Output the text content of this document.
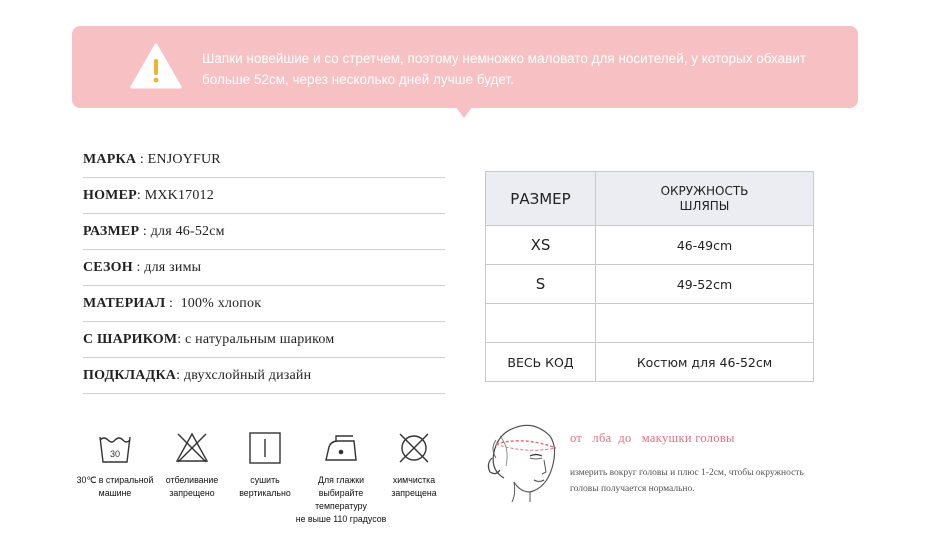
Шапки новейшие и со стретчем, поэтому немножко маловато для носителей, у которых обхавит больше 52см, через несколько дней лучше будет.

МАРКА : ENJOYFUR
НОМЕР : MXK17012
РАЗМЕР : для 46-52см
СЕЗОН : для зимы
МАТЕРИАЛ : 100% хлопок
С ШАРИКОМ : с натуральным шариком
ПОДКЛАДКА : двухслойный дизайн
РАЗМЕР	ОКРУЖНОСТЬ
ШЛЯПЫ
XS	46-49cm
S	49-52cm

ВЕСЬ КОД	Костюм для 46-52см
30
30℃ в стиральной
машине
отбеливание
запрещено
сушить
вертикально
Для глажки
выбирайте
температуру
не выше 110 градусов
химчистка
запрещена
от   лба  до   макушки головы

измерить вокруг головы и плюс 1-2см, чтобы окружность головы получается нормально.
